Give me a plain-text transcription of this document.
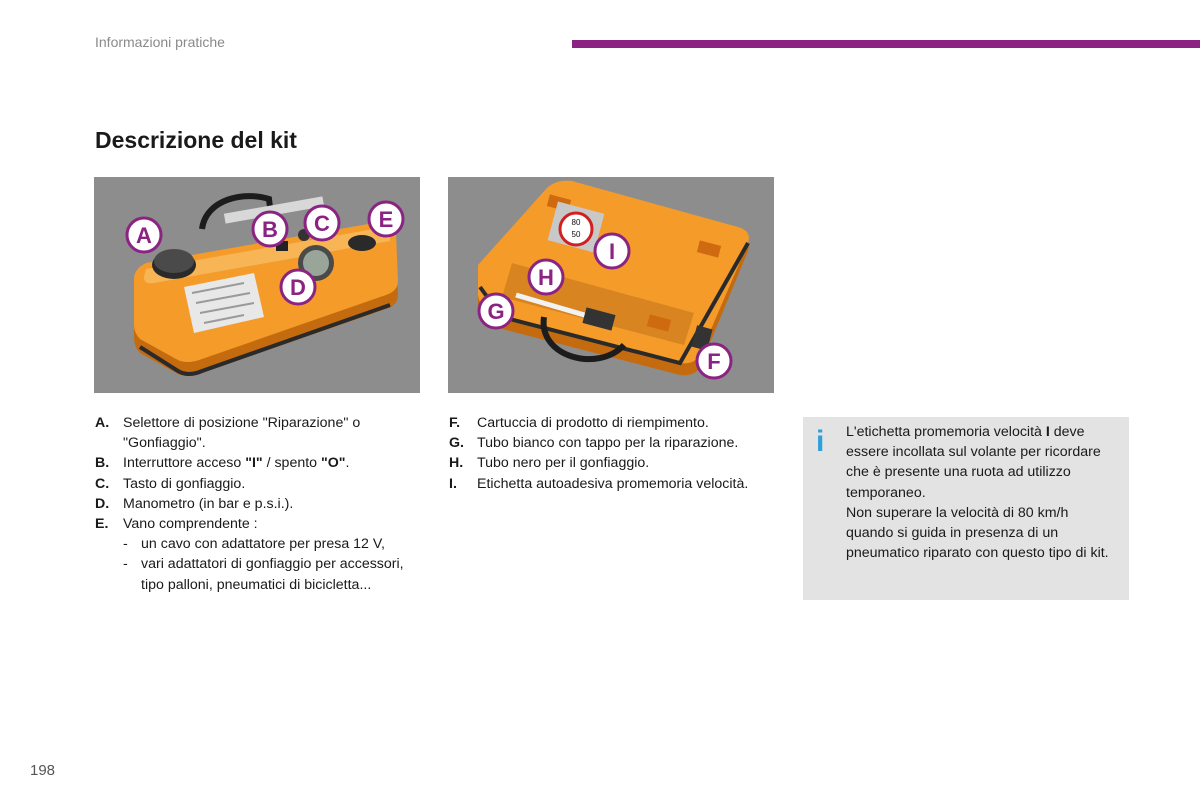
Informazioni pratiche
Descrizione del kit
A	B C E
D
80
50
I
H
G
F
A. Selettore di posizione "Riparazione" o "Gonfiaggio".
B. Interruttore acceso "I" / spento "O".
C. Tasto di gonfiaggio.
D. Manometro (in bar e p.s.i.).
E.	Vano comprendente :
- un cavo con adattatore per presa 12 V,
- vari adattatori di gonfiaggio per accessori, tipo palloni, pneumatici di bicicletta...
F.	Cartuccia di prodotto di riempimento.
G. Tubo bianco con tappo per la riparazione.
H. Tubo nero per il gonfiaggio.
I.	Etichetta autoadesiva promemoria velocità.
i	L'etichetta promemoria velocità I deve essere incollata sul volante per ricordare che è presente una ruota ad utilizzo temporaneo.
Non superare la velocità di 80 km/h quando si guida in presenza di un pneumatico riparato con questo tipo di kit.
198
